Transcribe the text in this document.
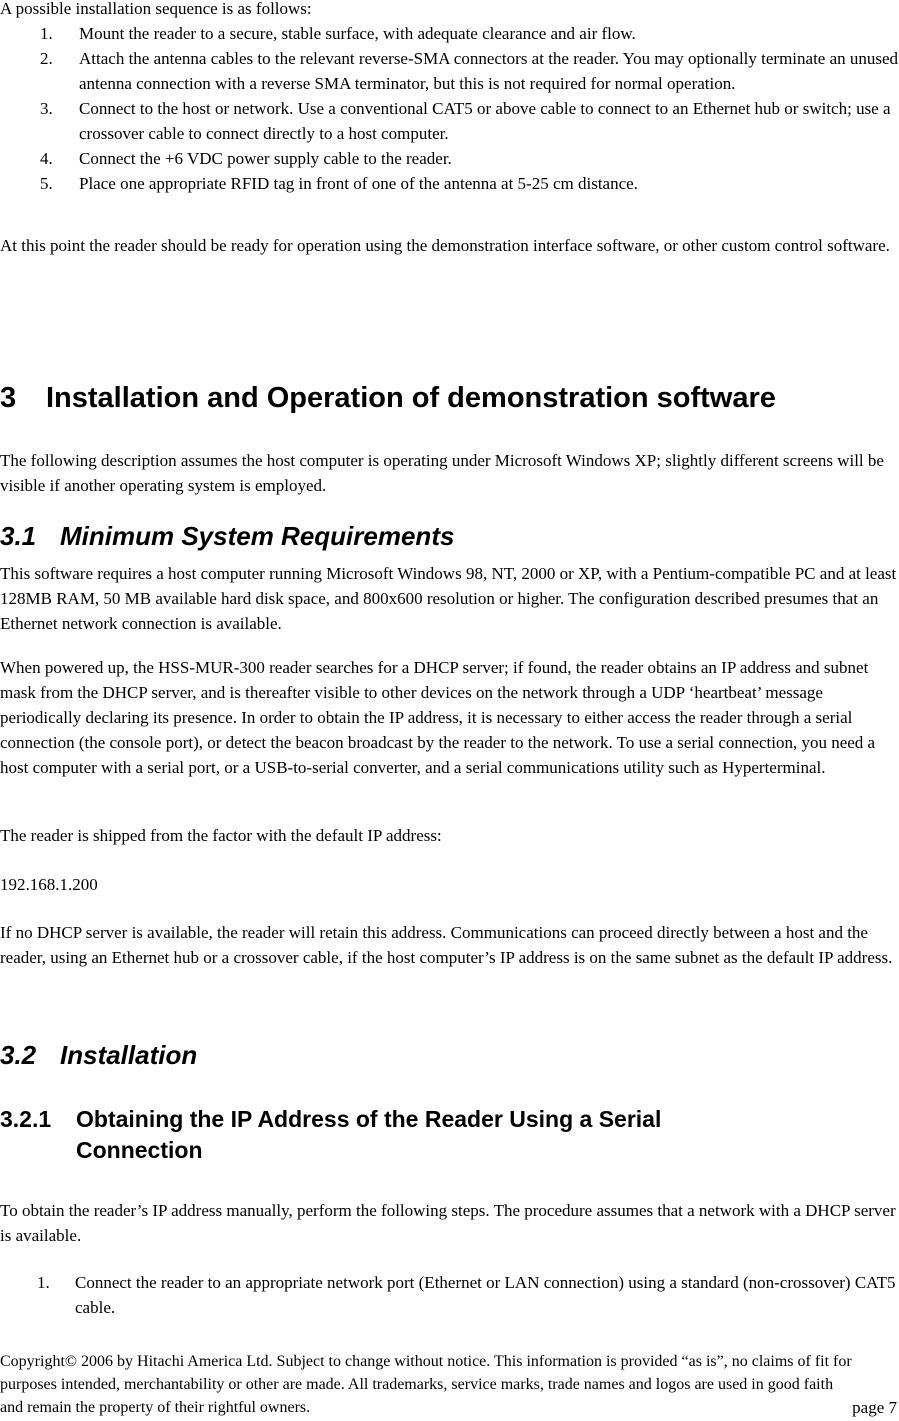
A possible installation sequence is as follows:

1. Mount the reader to a secure, stable surface, with adequate clearance and air flow.
2. Attach the antenna cables to the relevant reverse-SMA connectors at the reader. You may optionally terminate an unused antenna connection with a reverse SMA terminator, but this is not required for normal operation.
3. Connect to the host or network. Use a conventional CAT5 or above cable to connect to an Ethernet hub or switch; use a crossover cable to connect directly to a host computer.
4. Connect the +6 VDC power supply cable to the reader.
5. Place one appropriate RFID tag in front of one of the antenna at 5-25 cm distance.

At this point the reader should be ready for operation using the demonstration interface software, or other custom control software.

3 Installation and Operation of demonstration software

The following description assumes the host computer is operating under Microsoft Windows XP; slightly different screens will be visible if another operating system is employed.

3.1 Minimum System Requirements

This software requires a host computer running Microsoft Windows 98, NT, 2000 or XP, with a Pentium-compatible PC and at least 128MB RAM, 50 MB available hard disk space, and 800x600 resolution or higher. The configuration described presumes that an Ethernet network connection is available.

When powered up, the HSS-MUR-300 reader searches for a DHCP server; if found, the reader obtains an IP address and subnet mask from the DHCP server, and is thereafter visible to other devices on the network through a UDP ‘heartbeat’ message periodically declaring its presence. In order to obtain the IP address, it is necessary to either access the reader through a serial connection (the console port), or detect the beacon broadcast by the reader to the network. To use a serial connection, you need a host computer with a serial port, or a USB-to-serial converter, and a serial communications utility such as Hyperterminal.

The reader is shipped from the factor with the default IP address:

192.168.1.200

If no DHCP server is available, the reader will retain this address. Communications can proceed directly between a host and the reader, using an Ethernet hub or a crossover cable, if the host computer’s IP address is on the same subnet as the default IP address.

3.2 Installation
3.2.1 Obtaining the IP Address of the Reader Using a Serial Connection

To obtain the reader’s IP address manually, perform the following steps. The procedure assumes that a network with a DHCP server is available.

1. Connect the reader to an appropriate network port (Ethernet or LAN connection) using a standard (non-crossover) CAT5 cable.
Copyright© 2006 by Hitachi America Ltd. Subject to change without notice. This information is provided “as is”, no claims of fit for purposes intended, merchantability or other are made. All trademarks, service marks, trade names and logos are used in good faith and remain the property of their rightful owners.	page 7
